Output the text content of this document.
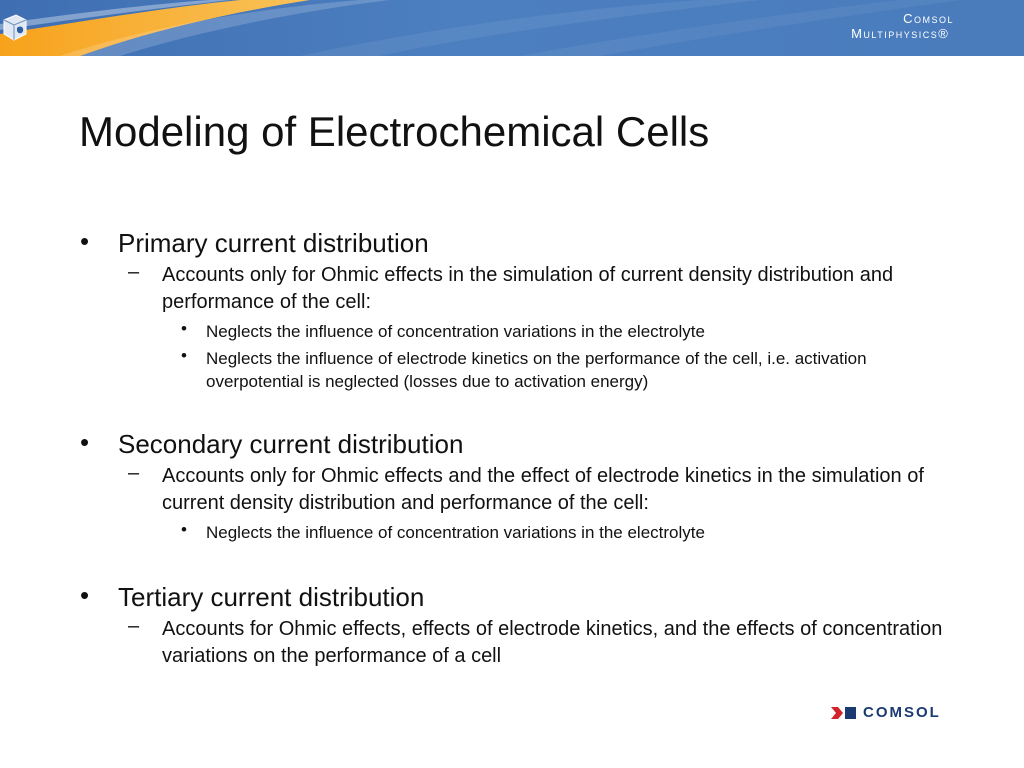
Comsol
Multiphysics®
Modeling of Electrochemical Cells
• Primary current distribution
– Accounts only for Ohmic effects in the simulation of current density distribution and performance of the cell:
• Neglects the influence of concentration variations in the electrolyte
• Neglects the influence of electrode kinetics on the performance of the cell, i.e. activation overpotential is neglected (losses due to activation energy)
• Secondary current distribution
– Accounts only for Ohmic effects and the effect of electrode kinetics in the simulation of current density distribution and performance of the cell:
• Neglects the influence of concentration variations in the electrolyte
• Tertiary current distribution
– Accounts for Ohmic effects, effects of electrode kinetics, and the effects of concentration variations on the performance of a cell
COMSOL
